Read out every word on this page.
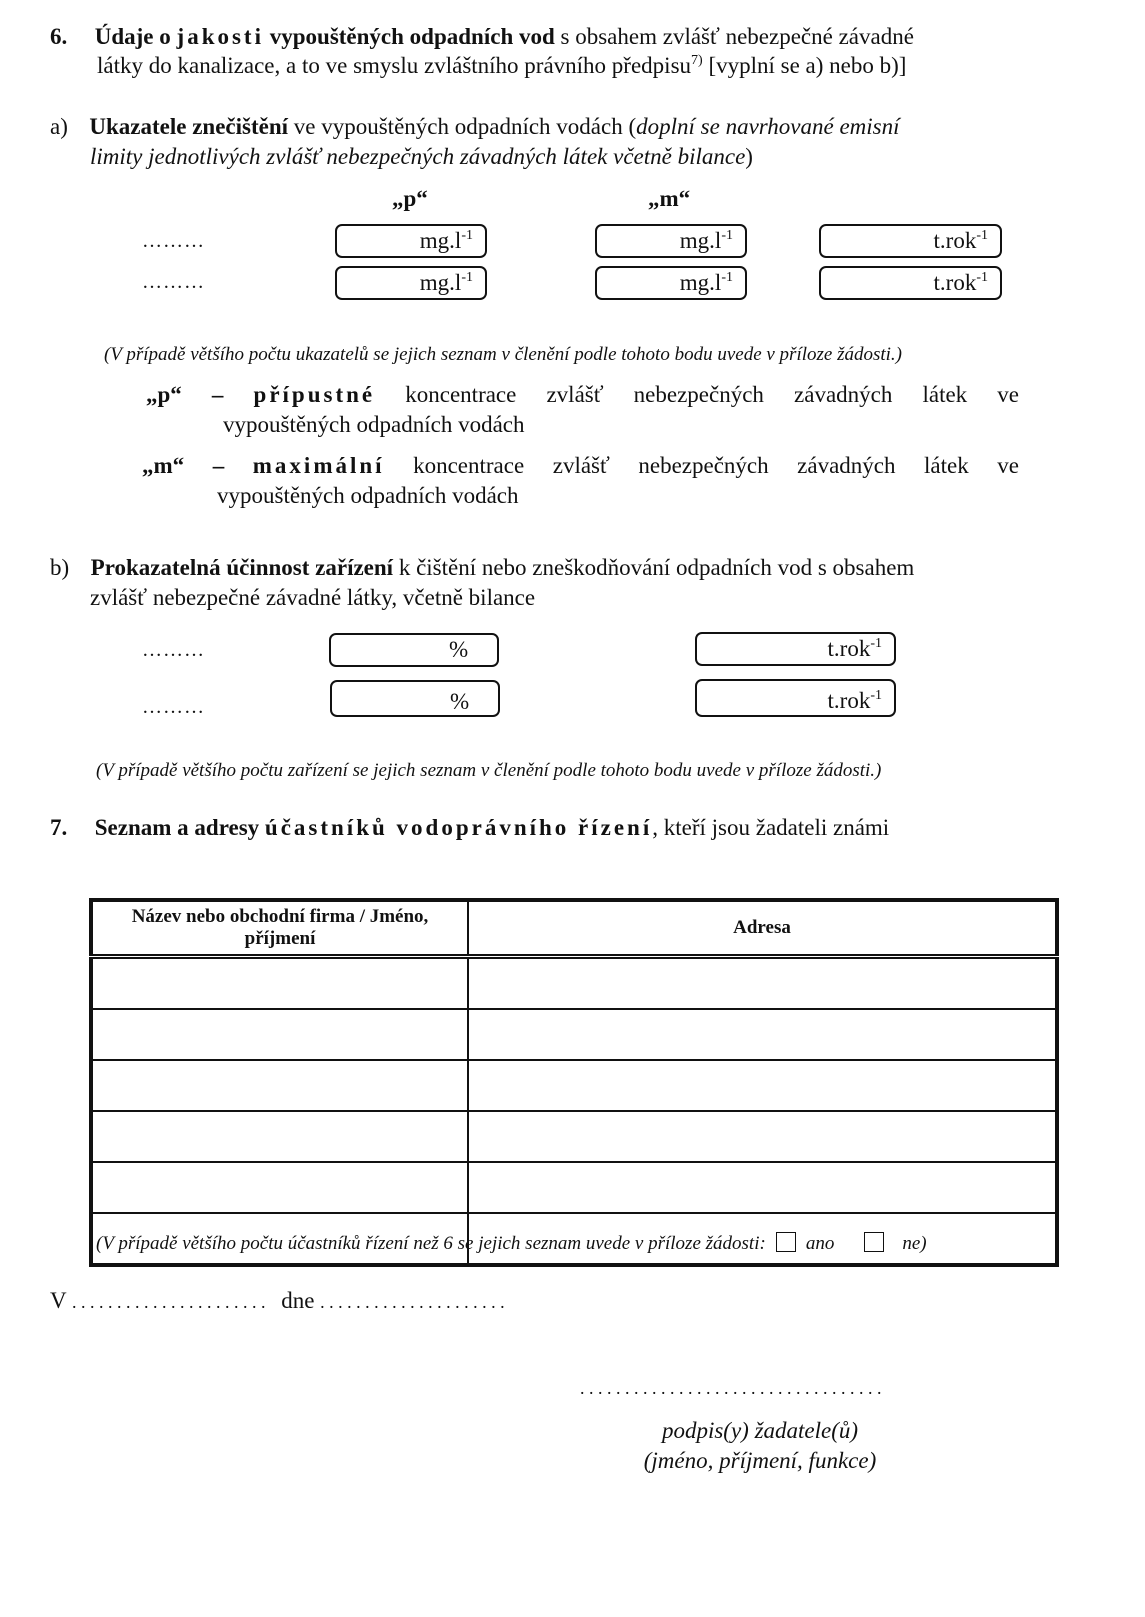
6. Údaje o jakosti vypouštěných odpadních vod s obsahem zvlášť nebezpečné závadné
látky do kanalizace, a to ve smyslu zvláštního právního předpisu$^{7)}$ [vyplní se a) nebo b)]
a) Ukazatele znečištění ve vypouštěných odpadních vodách (doplní se navrhované emisní
limity jednotlivých zvlášť nebezpečných závadných látek včetně bilance)
„p“	„m“
………	$mg.l^{-1}$	$mg.l^{-1}$	t.rok$^{-1}$
………	$mg.l^{-1}$	$mg.l^{-1}$	t.rok$^{-1}$
(V případě většího počtu ukazatelů se jejich seznam v členění podle tohoto bodu uvede v příloze žádosti.)
„p“ – přípustné koncentrace zvlášť nebezpečných závadných látek ve
vypouštěných odpadních vodách
„m“ – maximální koncentrace zvlášť nebezpečných závadných látek ve
vypouštěných odpadních vodách
b) Prokazatelná účinnost zařízení k čištění nebo zneškodňování odpadních vod s obsahem
zvlášť nebezpečné závadné látky, včetně bilance
………	%	t.rok$^{-1}$
………	%	t.rok$^{-1}$
(V případě většího počtu zařízení se jejich seznam v členění podle tohoto bodu uvede v příloze žádosti.)
7. Seznam a adresy účastníků vodoprávního řízení, kteří jsou žadateli známi
Název nebo obchodní firma / Jméno, příjmení	Adresa

(V případě většího počtu účastníků řízení než 6 se jejich seznam uvede v příloze žádosti: ano	ne)
V . . . . . . . . . . . . . . . . . . . . . . dne . . . . . . . . . . . . . . . . . . . . .
. . . . . . . . . . . . . . . . . . . . . . . . . . . . . . . . . .
podpis(y) žadatele(ů)
(jméno, příjmení, funkce)
